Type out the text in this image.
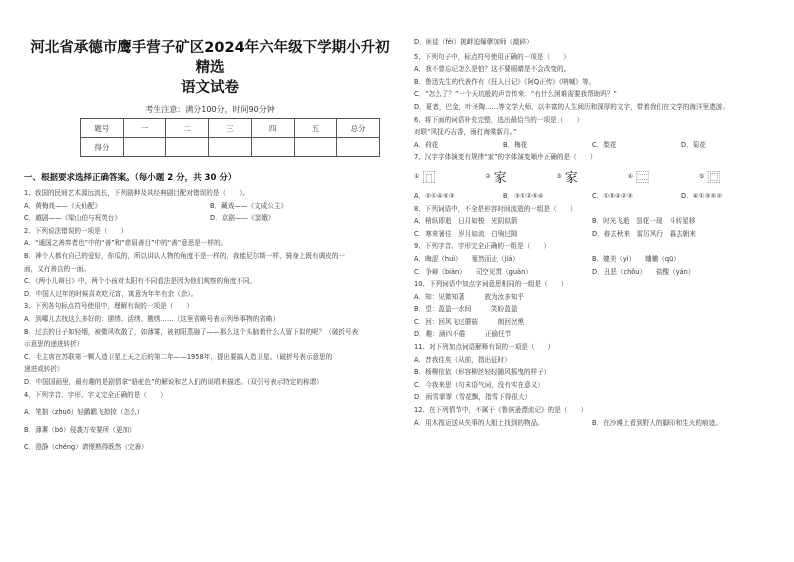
河北省承德市鹰手营子矿区2024年六年级下学期小升初精选
语文试卷
考生注意：满分100分，时间90分钟
题号	一	二	三	四	五	总分
得分						
一、根据要求选择正确答案。（每小题 2 分，共 30 分）
1、我国的民间艺术源远流长，下列剧种及其经典剧目配对错误的是（　　）。
A．黄梅戏——《天仙配》	B．藏戏——《文成公主》
C．越剧——《梁山伯与祝英台》	D．京剧——《窦娥》
2、下列说法错误的一项是（　　）
A．“通国之善弈者也”中的“善”和“慈眉善目”中的“善”意思是一样的。
B．神个人都有自己的爱好，你瓜的，所以讲认人物的角度不是一样的，我能尼尔斯一样，骑身上既有调皮的一
面，又有善良的一面。
C．《两小儿辩日》中，两个小孩对太阳有不同看法是因为他们观察的角度不同。
D．中国人过年的时候喜欢吃元宵，寓意为年年有余（余）。
3、下列各句标点符号使用中，理解有误的一项是（　　）
A．到哪儿去找这么多好的：摆绣、活绣、搬绣……（这里省略号表示列举事物的省略）
B．过去的日子如轻烟，被微风吹散了，如薄雾，被初阳蒸融了——那么这个头脑着什么人留下似的呢？（破折号表
示意思的递进转折）
C．毛主席在苏联第一颗人造卫星上天之后的第二年——1958年，提出要搞人造卫星。（破折号表示意思的
递进或转折）
D．中国国画里，最有趣的是剧情拿“骆驼色”的解说和艺人们的说唱来描述。（双引号表示特定的称谓）
4、下列字音、字形、字义完全正确的是（　　）
A．笔拙（zhuō）轻鹳鹳飞掠掠（怎么）
B．薄薯（bō）侵袭万安要所（更加）
C．澄静（chéng）请憬熟得既然（完善）
D．匪徒（fěi）挑衅迫爆孽加师（敲碎）
5、下列句子中，标点符号使用正确的一项是（　　）
A．我不曾忘记怎么是怕？这不要眼睛是不会改变的。
B．鲁迅先生的代表作有《狂人日记》《阿Q正传》《呐喊》等。
C．“怎么了？”一个天坑般的声音传来：“有什么困难需要我帮助吗？”
D．夏者，巴金，叶圣陶……等文学大师，以丰富的人生阅历和深厚的文字，带着我们在文学的海洋里遨游。
6、将下面的词语补充完整，选出最恰当的一项是（　　）
对联“风抚巧吉香，雨打海棠新月。”
A．荷花	B．梅花	C．梨花	D．菊花
7、汉字字体演变有规律“家”的字体演变顺序正确的是（　　）
① ⿵	② 家	③ 家	④ ⿳	⑤ ⿴
A．②①④⑤③	B．③①②⑤④	C．①⑤④②③	D．④①③⑤②
8、下列词语中，不全是形容时间流逝的一组是（　　）
A．稍纵即逝　日月如梭　光阴似箭	B．时光飞逝　昙花一现　斗转星移
C．寒来暑往　岁月如流　白驹过隙	D．春去秋来　雷厉风行　暮去朝来
9、下列字音、字形完全正确的一组是（　　）
A．晦涩（huì）　　戛然而止（jiá）	B．媲美（yì）　　蛐蛐（qū）
C．争辩（biàn）　　司空见贯（guàn）	D．丑恶（chǒu）　　盐酸（yán）
10、下列词语中加点字词意思相同的一组是（　　）
A．知：见微知著　　　敦为汝多知乎
B．望：盈盈一水间　　　笑盼盈盈
C．回：回风飞过蘑菇　　　朗回岔黑
D．趣：涵四不倦　　　正偷任节
11、对下列加点词语解释有误的一项是（　　）
A．昔我往矣（从前，指出征时）
B．杨柳依依（形容柳丝轻轻随风摇曳的样子）
C．今我来思（句末语气词，没有实在意义）
D．雨雪霏霏（雪花飘，指雪下得很大）
12、在下列情节中，不属于《鲁滨逊漂流记》的是（　　）
A．用木筏运送从失事的大船上找到的物品。	B．在沙滩上看到野人的脚印和生火的痕迹。
